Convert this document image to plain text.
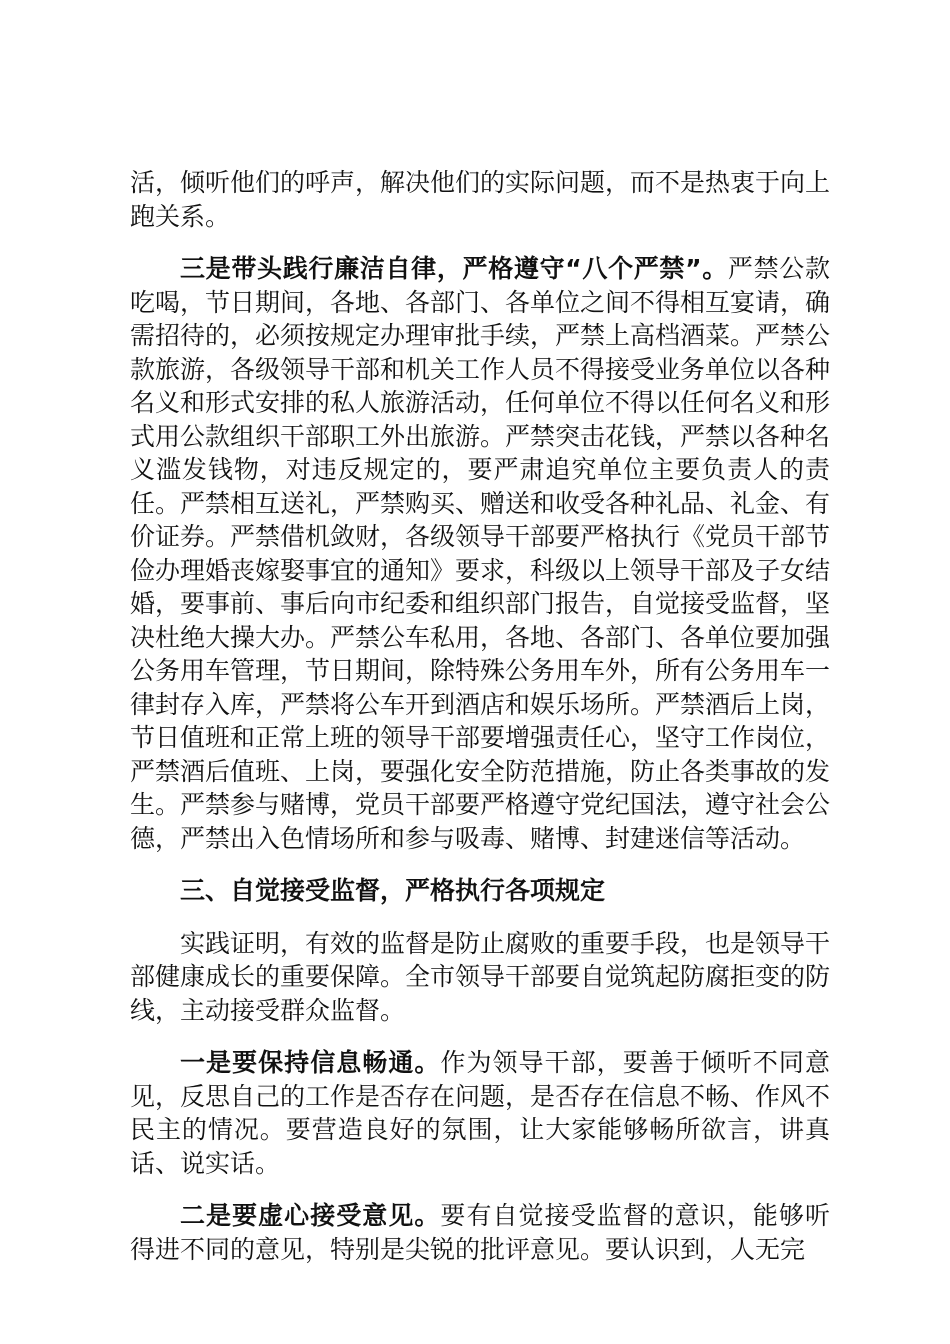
活，倾听他们的呼声，解决他们的实际问题，而不是热衷于向上跑关系。

三是带头践行廉洁自律，严格遵守“八个严禁”。严禁公款吃喝，节日期间，各地、各部门、各单位之间不得相互宴请，确需招待的，必须按规定办理审批手续，严禁上高档酒菜。严禁公款旅游，各级领导干部和机关工作人员不得接受业务单位以各种名义和形式安排的私人旅游活动，任何单位不得以任何名义和形式用公款组织干部职工外出旅游。严禁突击花钱，严禁以各种名义滥发钱物，对违反规定的，要严肃追究单位主要负责人的责任。严禁相互送礼，严禁购买、赠送和收受各种礼品、礼金、有价证券。严禁借机敛财，各级领导干部要严格执行《党员干部节俭办理婚丧嫁娶事宜的通知》要求，科级以上领导干部及子女结婚，要事前、事后向市纪委和组织部门报告，自觉接受监督，坚决杜绝大操大办。严禁公车私用，各地、各部门、各单位要加强公务用车管理，节日期间，除特殊公务用车外，所有公务用车一律封存入库，严禁将公车开到酒店和娱乐场所。严禁酒后上岗，节日值班和正常上班的领导干部要增强责任心，坚守工作岗位，严禁酒后值班、上岗，要强化安全防范措施，防止各类事故的发生。严禁参与赌博，党员干部要严格遵守党纪国法，遵守社会公德，严禁出入色情场所和参与吸毒、赌博、封建迷信等活动。

三、自觉接受监督，严格执行各项规定

实践证明，有效的监督是防止腐败的重要手段，也是领导干部健康成长的重要保障。全市领导干部要自觉筑起防腐拒变的防线，主动接受群众监督。

一是要保持信息畅通。作为领导干部，要善于倾听不同意见，反思自己的工作是否存在问题，是否存在信息不畅、作风不民主的情况。要营造良好的氛围，让大家能够畅所欲言，讲真话、说实话。

二是要虚心接受意见。要有自觉接受监督的意识，能够听得进不同的意见，特别是尖锐的批评意见。要认识到，人无完
